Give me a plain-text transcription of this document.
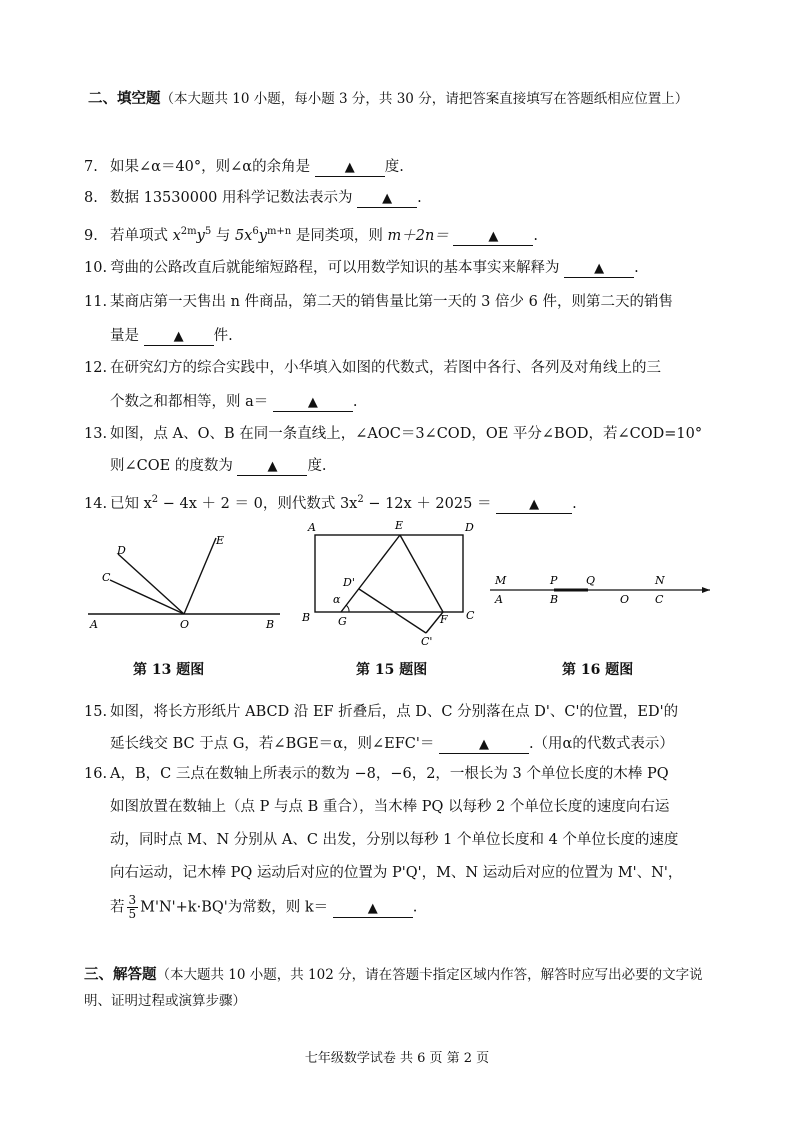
二、填空题（本大题共 10 小题，每小题 3 分，共 30 分，请把答案直接填写在答题纸相应位置上）
7. 如果∠α＝40°，则∠α的余角是	▲ 度.
8. 数据 13530000 用科学记数法表示为 ▲ .
9. 若单项式 $x^{2m}y^5$ 与 $5x^6y^{m+n}$ 是同类项，则 m＋2n＝	▲ .
10. 弯曲的公路改直后就能缩短路程，可以用数学知识的基本事实来解释为	▲ .
11. 某商店第一天售出 n 件商品，第二天的销售量比第一天的 3 倍少 6 件，则第二天的销售
量是	▲ 件.
12. 在研究幻方的综合实践中，小华填入如图的代数式，若图中各行、各列及对角线上的三
个数之和都相等，则 a＝	▲ .
13. 如图，点 A、O、B 在同一条直线上，∠AOC＝3∠COD，OE 平分∠BOD，若∠COD=10°
则∠COE 的度数为	▲ 度.
14. 已知 $x^2 - 4x + 2 = 0$，则代数式 $3x^2 - 12x + 2025$ ＝	▲ .
A	O	B
C
D
E
A	E	D
D'
α
B	G	F C
C'
M	P	Q	N
A	B	O C
第 13 题图	第 15 题图	第 16 题图
15. 如图，将长方形纸片 ABCD 沿 EF 折叠后，点 D、C 分别落在点 D'、C'的位置，ED'的
延长线交 BC 于点 G，若∠BGE＝α，则∠EFC'＝	▲	.（用α的代数式表示）
16. A，B，C 三点在数轴上所表示的数为 −8，−6，2，一根长为 3 个单位长度的木棒 PQ
如图放置在数轴上（点 P 与点 B 重合），当木棒 PQ 以每秒 2 个单位长度的速度向右运
动，同时点 M、N 分别从 A、C 出发，分别以每秒 1 个单位长度和 4 个单位长度的速度
向右运动，记木棒 PQ 运动后对应的位置为 P'Q'，M、N 运动后对应的位置为 M'、N'，
若 $\frac{3}{5} M'N'+k\cdot BQ'$为常数，则 k＝	▲ .
三、解答题（本大题共 10 小题，共 102 分，请在答题卡指定区域内作答，解答时应写出必要的文字说明、证明过程或演算步骤）
七年级数学试卷 共 6 页 第 2 页
